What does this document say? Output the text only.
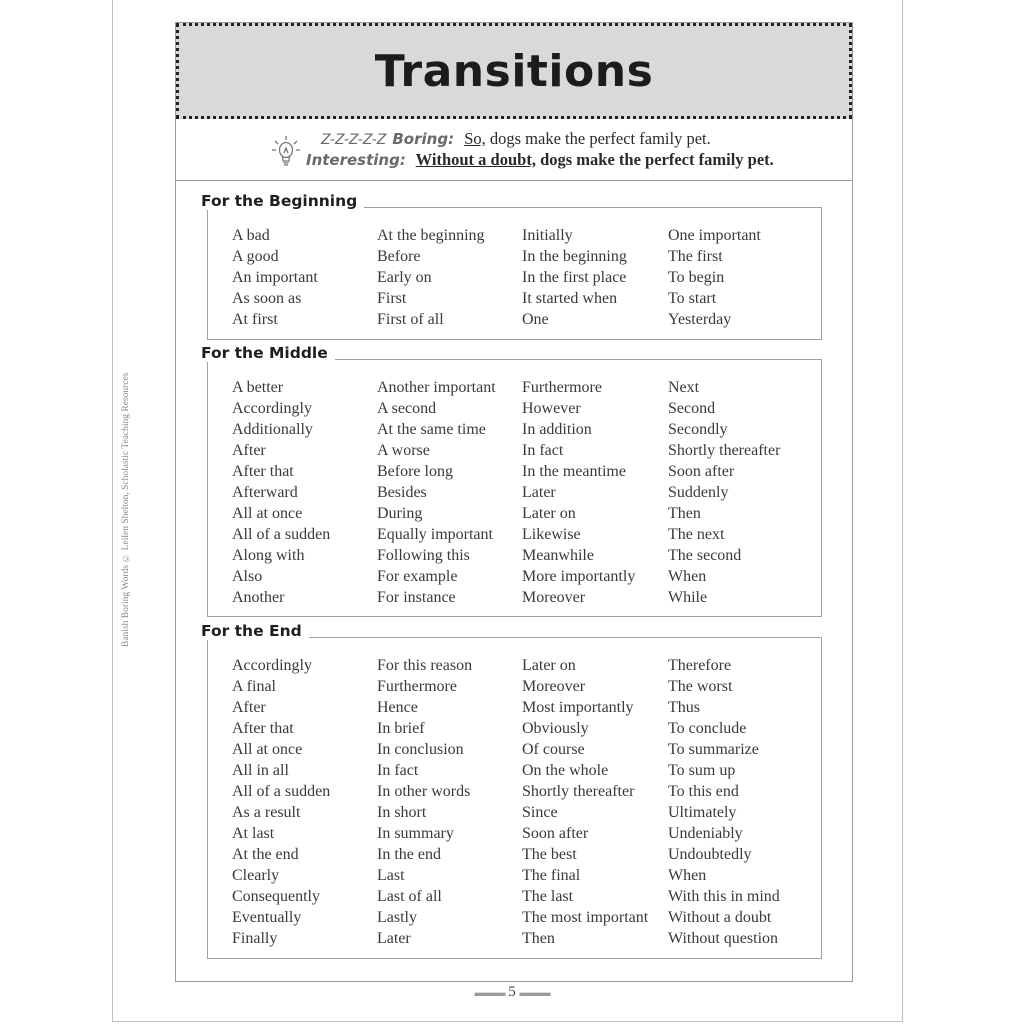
Banish Boring Words © Leilen Shelton, Scholastic Teaching Resources
Transitions
Z-Z-Z-Z-Z Boring: So, dogs make the perfect family pet.
Interesting: Without a doubt, dogs make the perfect family pet.
For the Beginning
A bad
A good
An important
As soon as
At first
At the beginning
Before
Early on
First
First of all
Initially
In the beginning
In the first place
It started when
One
One important
The first
To begin
To start
Yesterday
For the Middle
A better
Accordingly
Additionally
After
After that
Afterward
All at once
All of a sudden
Along with
Also
Another
Another important
A second
At the same time
A worse
Before long
Besides
During
Equally important
Following this
For example
For instance
Furthermore
However
In addition
In fact
In the meantime
Later
Later on
Likewise
Meanwhile
More importantly
Moreover
Next
Second
Secondly
Shortly thereafter
Soon after
Suddenly
Then
The next
The second
When
While
For the End
Accordingly
A final
After
After that
All at once
All in all
All of a sudden
As a result
At last
At the end
Clearly
Consequently
Eventually
Finally
For this reason
Furthermore
Hence
In brief
In conclusion
In fact
In other words
In short
In summary
In the end
Last
Last of all
Lastly
Later
Later on
Moreover
Most importantly
Obviously
Of course
On the whole
Shortly thereafter
Since
Soon after
The best
The final
The last
The most important
Then
Therefore
The worst
Thus
To conclude
To summarize
To sum up
To this end
Ultimately
Undeniably
Undoubtedly
When
With this in mind
Without a doubt
Without question
▬▬▬ 5 ▬▬▬
